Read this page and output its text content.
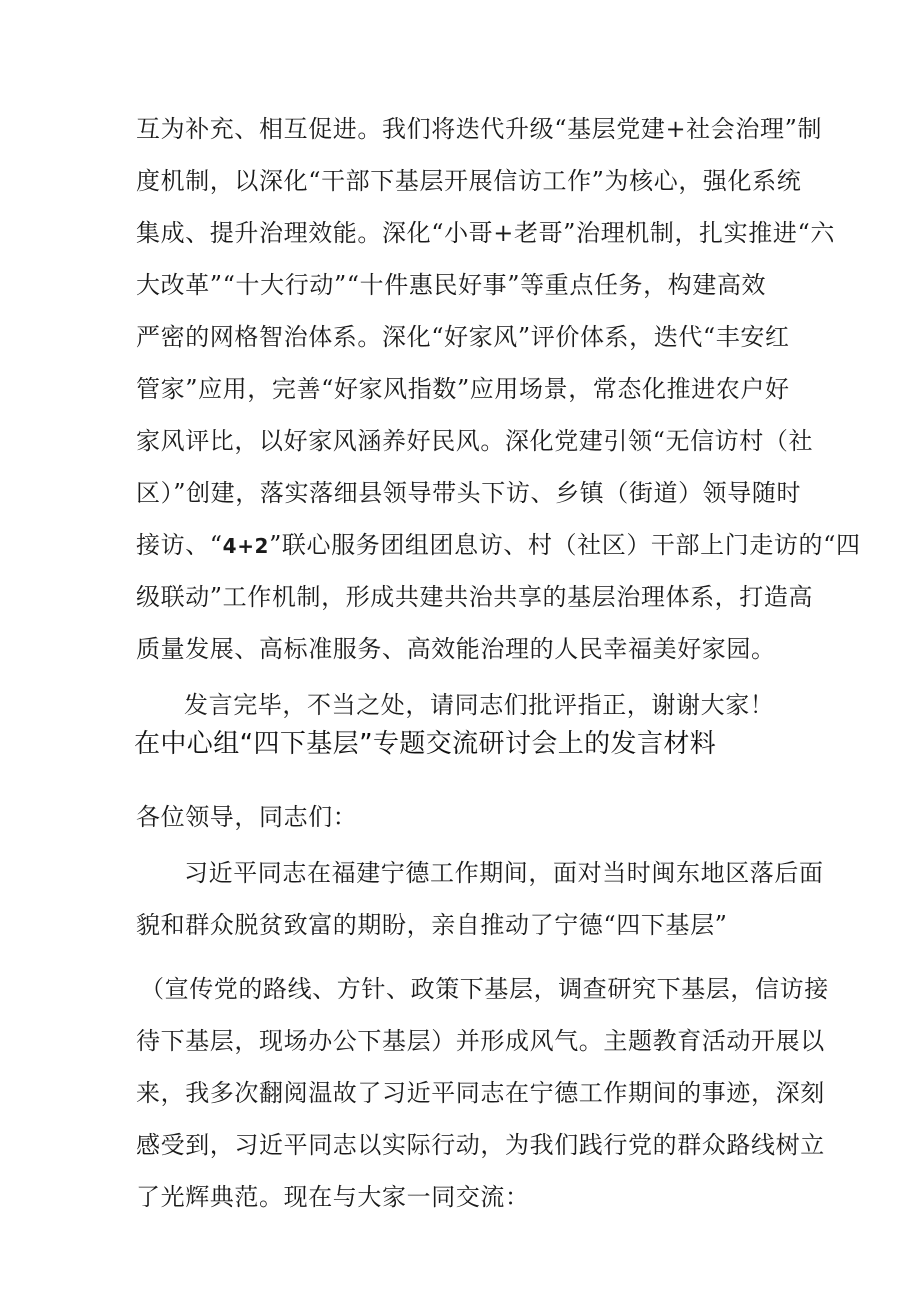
互为补充、相互促进。我们将迭代升级“基层党建+社会治理”制
度机制，以深化“干部下基层开展信访工作”为核心，强化系统
集成、提升治理效能。深化“小哥+老哥”治理机制，扎实推进“六
大改革”“十大行动”“十件惠民好事”等重点任务，构建高效
严密的网格智治体系。深化“好家风”评价体系，迭代“丰安红
管家”应用，完善“好家风指数”应用场景，常态化推进农户好
家风评比，以好家风涵养好民风。深化党建引领“无信访村（社
区）”创建，落实落细县领导带头下访、乡镇（街道）领导随时
接访、“4+2”联心服务团组团息访、村（社区）干部上门走访的“四
级联动”工作机制，形成共建共治共享的基层治理体系，打造高
质量发展、高标准服务、高效能治理的人民幸福美好家园。
发言完毕，不当之处，请同志们批评指正，谢谢大家！
在中心组“四下基层”专题交流研讨会上的发言材料
各位领导，同志们：
习近平同志在福建宁德工作期间，面对当时闽东地区落后面
貌和群众脱贫致富的期盼，亲自推动了宁德“四下基层”
（宣传党的路线、方针、政策下基层，调查研究下基层，信访接
待下基层，现场办公下基层）并形成风气。主题教育活动开展以
来，我多次翻阅温故了习近平同志在宁德工作期间的事迹，深刻
感受到，习近平同志以实际行动，为我们践行党的群众路线树立
了光辉典范。现在与大家一同交流：
